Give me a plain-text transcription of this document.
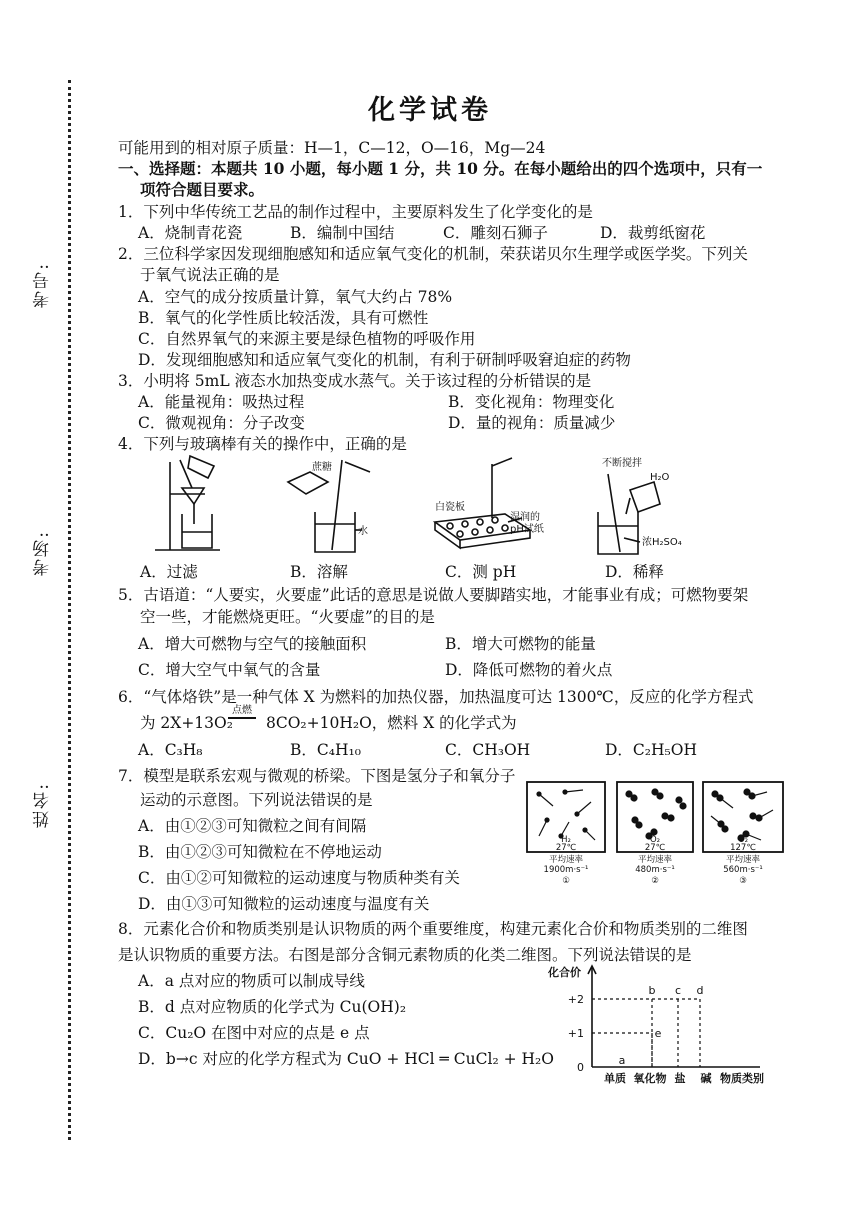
考号:
考场:
姓名:
化学试卷
可能用到的相对原子质量：H—1，C—12，O—16，Mg—24
一、选择题：本题共 10 小题，每小题 1 分，共 10 分。在每小题给出的四个选项中，只有一
项符合题目要求。
1．下列中华传统工艺品的制作过程中，主要原料发生了化学变化的是
A．烧制青花瓷	B．编制中国结	C．雕刻石狮子	D．裁剪纸窗花
2．三位科学家因发现细胞感知和适应氧气变化的机制，荣获诺贝尔生理学或医学奖。下列关
于氧气说法正确的是
A．空气的成分按质量计算，氧气大约占 78%
B．氧气的化学性质比较活泼，具有可燃性
C．自然界氧气的来源主要是绿色植物的呼吸作用
D．发现细胞感知和适应氧气变化的机制，有利于研制呼吸窘迫症的药物
3．小明将 5mL 液态水加热变成水蒸气。关于该过程的分析错误的是
A．能量视角：吸热过程	B．变化视角：物理变化
C．微观视角：分子改变	D．量的视角：质量减少
4．下列与玻璃棒有关的操作中，正确的是
蔗糖
水
白瓷板
湿润的
pH试纸
不断搅拌
H₂O
浓H₂SO₄
A．过滤	B．溶解	C．测 pH	D．稀释
5．古语道：“人要实，火要虚”此话的意思是说做人要脚踏实地，才能事业有成；可燃物要架
空一些，才能燃烧更旺。“火要虚”的目的是
A．增大可燃物与空气的接触面积	B．增大可燃物的能量
C．增大空气中氧气的含量	D．降低可燃物的着火点
6．“气体烙铁”是一种气体 X 为燃料的加热仪器，加热温度可达 1300℃，反应的化学方程式
为 2X+13O₂
点燃
8CO₂+10H₂O，燃料 X 的化学式为
A．C₃H₈	B．C₄H₁₀	C．CH₃OH	D．C₂H₅OH
7．模型是联系宏观与微观的桥梁。下图是氢分子和氧分子
运动的示意图。下列说法错误的是
A．由①②③可知微粒之间有间隔
B．由①②③可知微粒在不停地运动
C．由①②可知微粒的运动速度与物质种类有关
D．由①③可知微粒的运动速度与温度有关
H₂
27℃
平均速率
1900m·s⁻¹
①
O₂
27℃
平均速率
480m·s⁻¹
②
O₂
127℃
平均速率
560m·s⁻¹
③
8．元素化合价和物质类别是认识物质的两个重要维度，构建元素化合价和物质类别的二维图
是认识物质的重要方法。右图是部分含铜元素物质的化类二维图。下列说法错误的是
A．a 点对应的物质可以制成导线
B．d 点对应物质的化学式为 Cu(OH)₂
C．Cu₂O 在图中对应的点是 e 点
D．b→c 对应的化学方程式为 CuO + HCl ═ CuCl₂ + H₂O
+2
+1
0
a
b c d
e
单质 氧化物 盐 碱
化合价
物质类别
